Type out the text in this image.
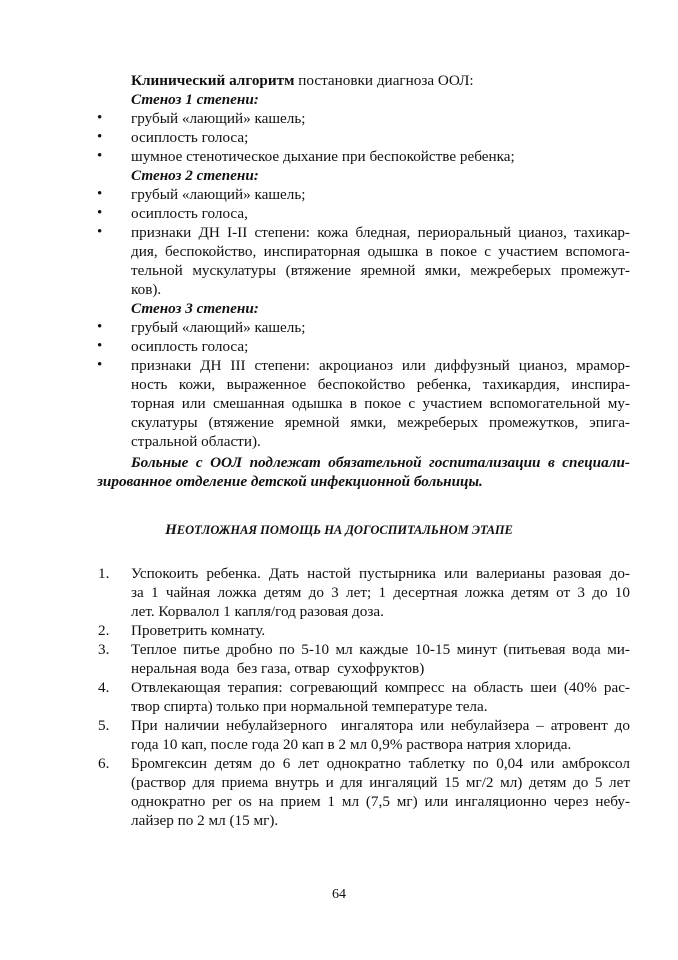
Клинический алгоритм постановки диагноза ООЛ:
Стеноз 1 степени:
• грубый «лающий» кашель;
• осиплость голоса;
• шумное стенотическое дыхание при беспокойстве ребенка;
Стеноз 2 степени:
• грубый «лающий» кашель;
• осиплость голоса,
• признаки ДН I-II степени: кожа бледная, периоральный цианоз, тахикар-
дия, беспокойство, инспираторная одышка в покое с участием вспомога-
тельной мускулатуры (втяжение яремной ямки, межреберых промежут-
ков).
Стеноз 3 степени:
• грубый «лающий» кашель;
• осиплость голоса;
• признаки ДН III степени: акроцианоз или диффузный цианоз, мрамор-
ность кожи, выраженное беспокойство ребенка, тахикардия, инспира-
торная или смешанная одышка в покое с участием вспомогательной му-
скулатуры (втяжение яремной ямки, межреберых промежутков, эпига-
стральной области).
Больные с ООЛ подлежат обязательной госпитализации в специали-
зированное отделение детской инфекционной больницы.
НЕОТЛОЖНАЯ ПОМОЩЬ НА ДОГОСПИТАЛЬНОМ ЭТАПЕ
1. Успокоить ребенка. Дать настой пустырника или валерианы разовая до-
за 1 чайная ложка детям до 3 лет; 1 десертная ложка детям от 3 до 10
лет. Корвалол 1 капля/год разовая доза.
2. Проветрить комнату.
3. Теплое питье дробно по 5-10 мл каждые 10-15 минут (питьевая вода ми-
неральная вода  без газа, отвар  сухофруктов)
4. Отвлекающая терапия: согревающий компресс на область шеи (40% рас-
твор спирта) только при нормальной температуре тела.
5. При наличии небулайзерного  ингалятора или небулайзера – атровент до
года 10 кап, после года 20 кап в 2 мл 0,9% раствора натрия хлорида.
6. Бромгексин детям до 6 лет однократно таблетку по 0,04 или амброксол
(раствор для приема внутрь и для ингаляций 15 мг/2 мл) детям до 5 лет
однократно per os на прием 1 мл (7,5 мг) или ингаляционно через небу-
лайзер по 2 мл (15 мг).
64
